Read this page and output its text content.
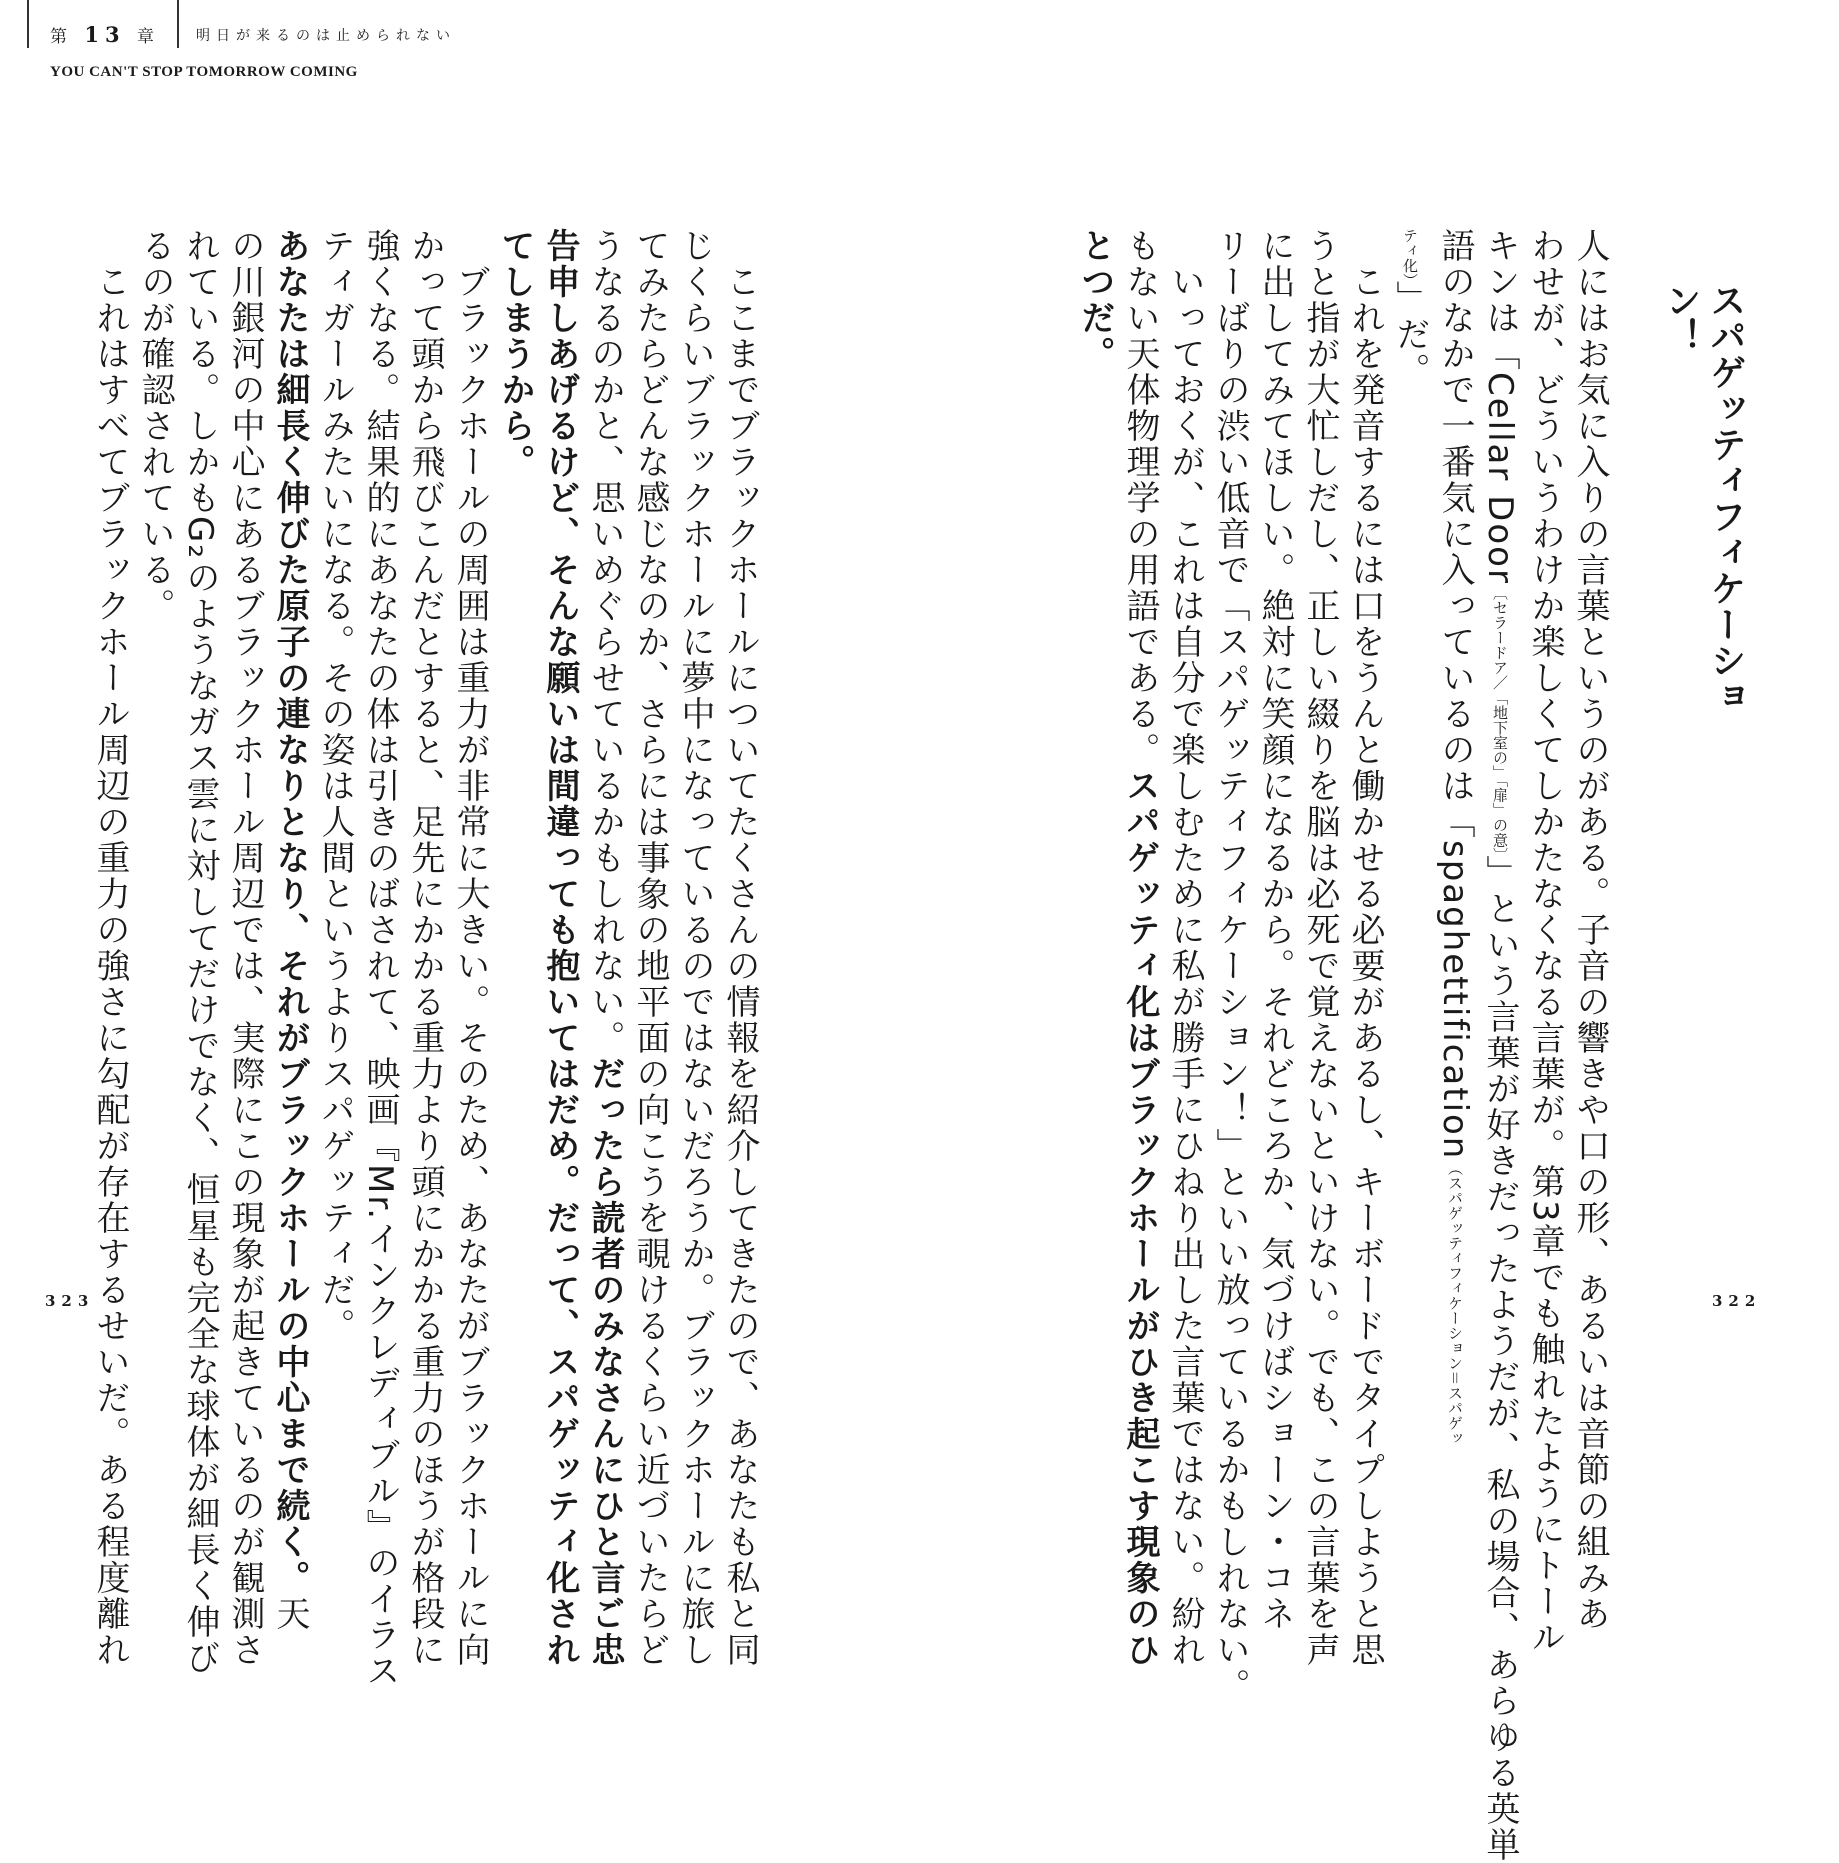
第 13 章	明日が来るのは止められない
YOU CAN'T STOP TOMORROW COMING
　ここまでブラックホールについてたくさんの情報を紹介してきたので、あなたも私と同
じくらいブラックホールに夢中になっているのではないだろうか。ブラックホールに旅し
てみたらどんな感じなのか、さらには事象の地平面の向こうを覗けるくらい近づいたらど
うなるのかと、思いめぐらせているかもしれない。だったら読者のみなさんにひと言ご忠
告申しあげるけど、そんな願いは間違っても抱いてはだめ。だって、スパゲッティ化され
てしまうから。
　ブラックホールの周囲は重力が非常に大きい。そのため、あなたがブラックホールに向
かって頭から飛びこんだとすると、足先にかかる重力より頭にかかる重力のほうが格段に
強くなる。結果的にあなたの体は引きのばされて、映画『Mr.インクレディブル』のイラス
ティガールみたいになる。その姿は人間というよりスパゲッティだ。
あなたは細長く伸びた原子の連なりとなり、それがブラックホールの中心まで続く。天
の川銀河の中心にあるブラックホール周辺では、実際にこの現象が起きているのが観測さ
れている。しかもG₂のようなガス雲に対してだけでなく、恒星も完全な球体が細長く伸び
るのが確認されている。
　これはすべてブラックホール周辺の重力の強さに勾配が存在するせいだ。ある程度離れ	人にはお気に入りの言葉というのがある。子音の響きや口の形、あるいは音節の組みあ
わせが、どういうわけか楽しくてしかたなくなる言葉が。第3章でも触れたようにトール
キンは「Cellar Door〔セラードア／「地下室の」「扉」の意〕」という言葉が好きだったようだが、私の場合、あらゆる英単
語のなかで一番気に入っているのは「spaghettification（スパゲッティフィケーション＝スパゲッ
ティ化）」だ。
　これを発音するには口をうんと働かせる必要があるし、キーボードでタイプしようと思
うと指が大忙しだし、正しい綴りを脳は必死で覚えないといけない。でも、この言葉を声
に出してみてほしい。絶対に笑顔になるから。それどころか、気づけばショーン・コネ
リーばりの渋い低音で「スパゲッティフィケーション！」といい放っているかもしれない。
　いっておくが、これは自分で楽しむために私が勝手にひねり出した言葉ではない。紛れ
もない天体物理学の用語である。スパゲッティ化はブラックホールがひき起こす現象のひ
とつだ。	スパゲッティフィケーション！
323	322
